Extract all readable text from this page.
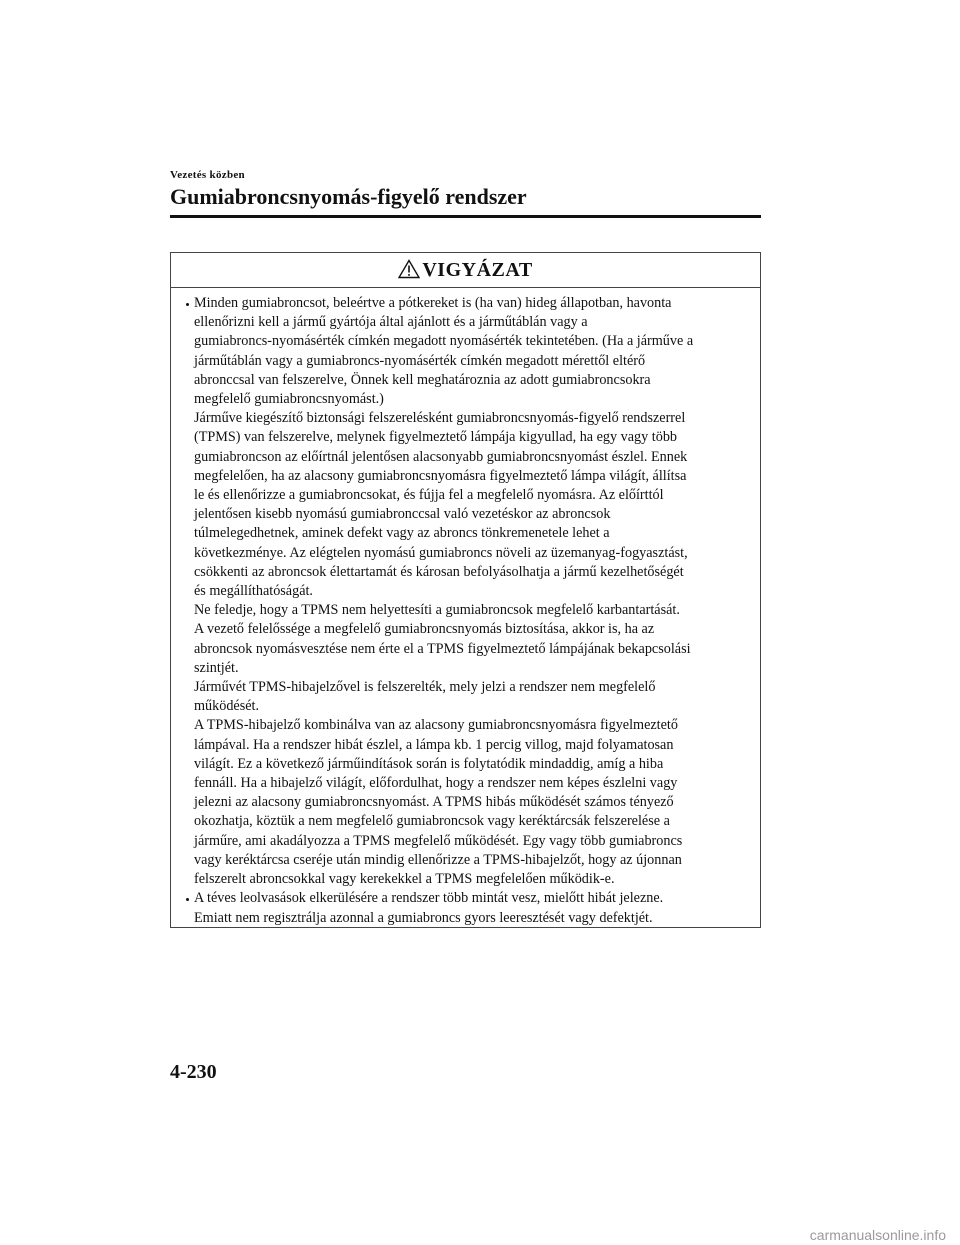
Vezetés közben
Gumiabroncsnyomás-figyelő rendszer
VIGYÁZAT
Minden gumiabroncsot, beleértve a pótkereket is (ha van) hideg állapotban, havonta
ellenőrizni kell a jármű gyártója által ajánlott és a járműtáblán vagy a
gumiabroncs-nyomásérték címkén megadott nyomásérték tekintetében. (Ha a járműve a
járműtáblán vagy a gumiabroncs-nyomásérték címkén megadott mérettől eltérő
abronccsal van felszerelve, Önnek kell meghatároznia az adott gumiabroncsokra
megfelelő gumiabroncsnyomást.)
Járműve kiegészítő biztonsági felszerelésként gumiabroncsnyomás-figyelő rendszerrel
(TPMS) van felszerelve, melynek figyelmeztető lámpája kigyullad, ha egy vagy több
gumiabroncson az előírtnál jelentősen alacsonyabb gumiabroncsnyomást észlel. Ennek
megfelelően, ha az alacsony gumiabroncsnyomásra figyelmeztető lámpa világít, állítsa
le és ellenőrizze a gumiabroncsokat, és fújja fel a megfelelő nyomásra. Az előírttól
jelentősen kisebb nyomású gumiabronccsal való vezetéskor az abroncsok
túlmelegedhetnek, aminek defekt vagy az abroncs tönkremenetele lehet a
következménye. Az elégtelen nyomású gumiabroncs növeli az üzemanyag-fogyasztást,
csökkenti az abroncsok élettartamát és károsan befolyásolhatja a jármű kezelhetőségét
és megállíthatóságát.
Ne feledje, hogy a TPMS nem helyettesíti a gumiabroncsok megfelelő karbantartását.
A vezető felelőssége a megfelelő gumiabroncsnyomás biztosítása, akkor is, ha az
abroncsok nyomásvesztése nem érte el a TPMS figyelmeztető lámpájának bekapcsolási
szintjét.
Járművét TPMS-hibajelzővel is felszerelték, mely jelzi a rendszer nem megfelelő
működését.
A TPMS-hibajelző kombinálva van az alacsony gumiabroncsnyomásra figyelmeztető
lámpával. Ha a rendszer hibát észlel, a lámpa kb. 1 percig villog, majd folyamatosan
világít. Ez a következő járműindítások során is folytatódik mindaddig, amíg a hiba
fennáll. Ha a hibajelző világít, előfordulhat, hogy a rendszer nem képes észlelni vagy
jelezni az alacsony gumiabroncsnyomást. A TPMS hibás működését számos tényező
okozhatja, köztük a nem megfelelő gumiabroncsok vagy keréktárcsák felszerelése a
járműre, ami akadályozza a TPMS megfelelő működését. Egy vagy több gumiabroncs
vagy keréktárcsa cseréje után mindig ellenőrizze a TPMS-hibajelzőt, hogy az újonnan
felszerelt abroncsokkal vagy kerekekkel a TPMS megfelelően működik-e.
A téves leolvasások elkerülésére a rendszer több mintát vesz, mielőtt hibát jelezne.
Emiatt nem regisztrálja azonnal a gumiabroncs gyors leeresztését vagy defektjét.
4-230
carmanualsonline.info
